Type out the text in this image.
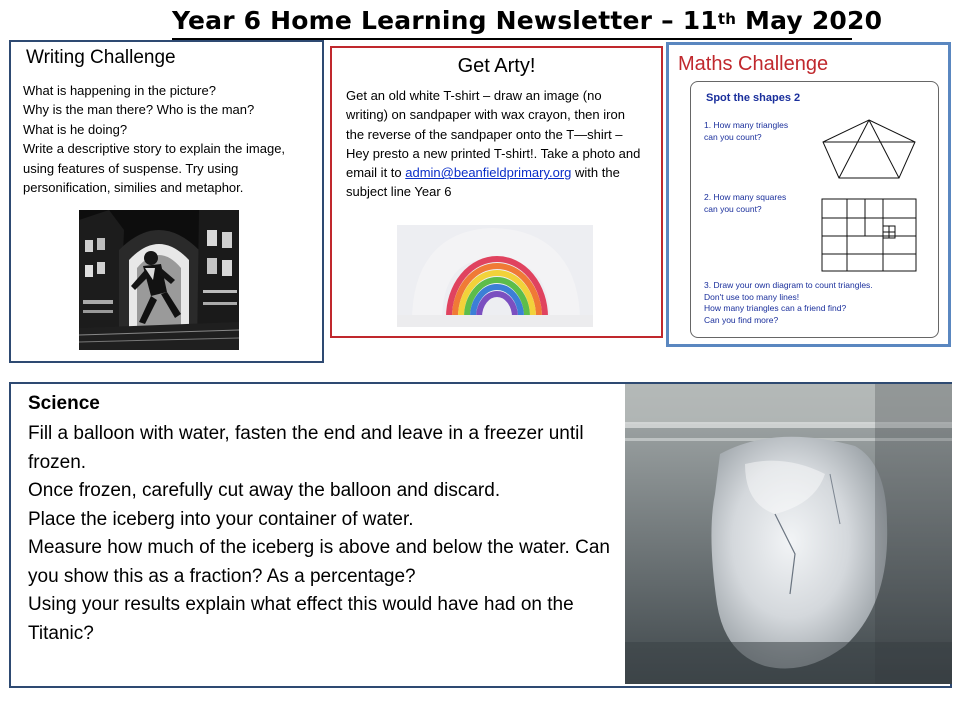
Year 6 Home Learning Newsletter – 11th May 2020
Writing Challenge
What is happening in the picture?
Why is the man there? Who is the man?
What is he doing?
Write a descriptive story to explain the image, using features of suspense. Try using personification, similies and metaphor.
Get Arty!
Get an old white T-shirt – draw an image (no writing) on sandpaper with wax crayon, then iron the reverse of the sandpaper onto the T—shirt – Hey presto a new printed T-shirt!. Take a photo and email it to admin@beanfieldprimary.org with the subject line Year 6
Maths Challenge
Spot the shapes 2
1. How many triangles
can you count?
2. How many squares
can you count?
3. Draw your own diagram to count triangles.
Don't use too many lines!
How many triangles can a friend find?
Can you find more?
Science
Fill a balloon with water, fasten the end and leave in a freezer until frozen.
Once frozen, carefully cut away the balloon and discard.
Place the iceberg into your container of water.
Measure how much of the iceberg is above and below the water. Can you show this as a fraction? As a percentage?
Using your results explain what effect this would have had on the Titanic?
